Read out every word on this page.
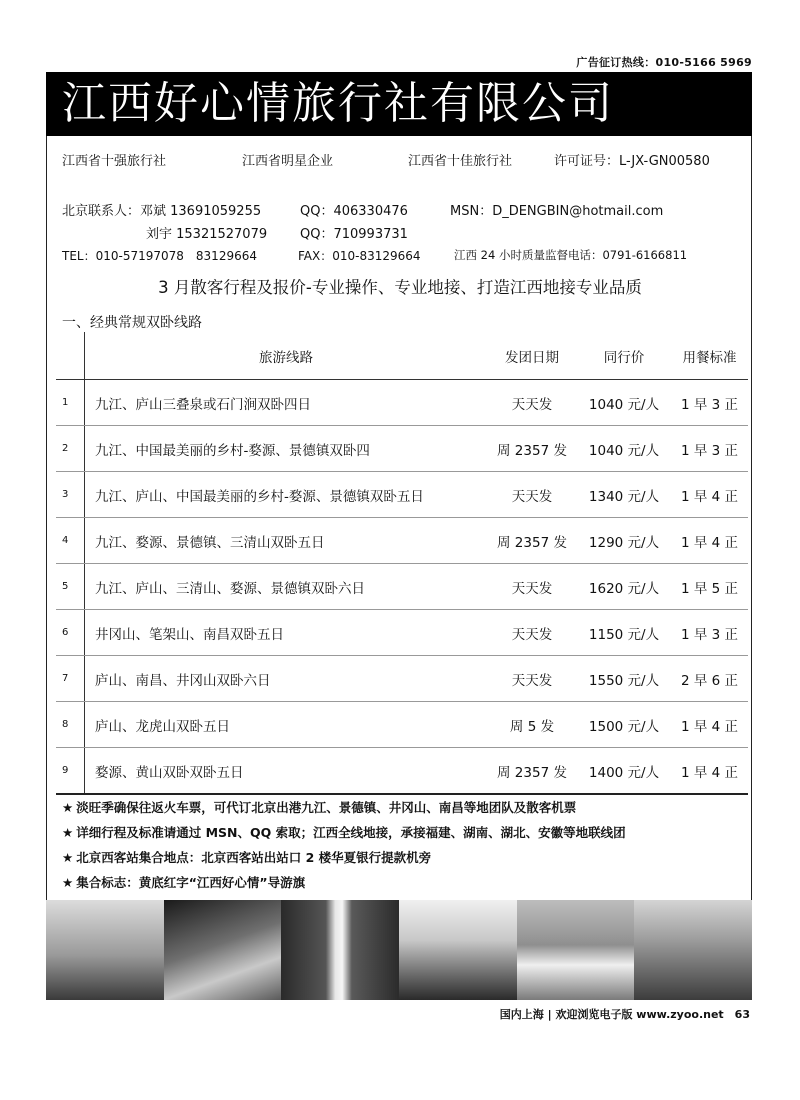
广告征订热线：010-5166 5969
江西好心情旅行社有限公司
江西省十强旅行社	江西省明星企业	江西省十佳旅行社	许可证号：L-JX-GN00580
北京联系人：邓斌 13691059255	QQ：406330476	MSN：D_DENGBIN@hotmail.com
刘宇 15321527079	QQ：710993731
TEL：010-57197078　83129664	FAX：010-83129664	江西 24 小时质量监督电话：0791-6166811
3 月散客行程及报价-专业操作、专业地接、打造江西地接专业品质
一、经典常规双卧线路
	旅游线路	发团日期	同行价	用餐标准
1	九江、庐山三叠泉或石门涧双卧四日	天天发	1040 元/人	1 早 3 正
2	九江、中国最美丽的乡村-婺源、景德镇双卧四	周 2357 发	1040 元/人	1 早 3 正
3	九江、庐山、中国最美丽的乡村-婺源、景德镇双卧五日	天天发	1340 元/人	1 早 4 正
4	九江、婺源、景德镇、三清山双卧五日	周 2357 发	1290 元/人	1 早 4 正
5	九江、庐山、三清山、婺源、景德镇双卧六日	天天发	1620 元/人	1 早 5 正
6	井冈山、笔架山、南昌双卧五日	天天发	1150 元/人	1 早 3 正
7	庐山、南昌、井冈山双卧六日	天天发	1550 元/人	2 早 6 正
8	庐山、龙虎山双卧五日	周 5 发	1500 元/人	1 早 4 正
9	婺源、黄山双卧双卧五日	周 2357 发	1400 元/人	1 早 4 正
★ 淡旺季确保往返火车票，可代订北京出港九江、景德镇、井冈山、南昌等地团队及散客机票
★ 详细行程及标准请通过 MSN、QQ 索取；江西全线地接，承接福建、湖南、湖北、安徽等地联线团
★ 北京西客站集合地点：北京西客站出站口 2 楼华夏银行提款机旁
★ 集合标志：黄底红字“江西好心情”导游旗
国内上海 | 欢迎浏览电子版 www.zyoo.net　63
